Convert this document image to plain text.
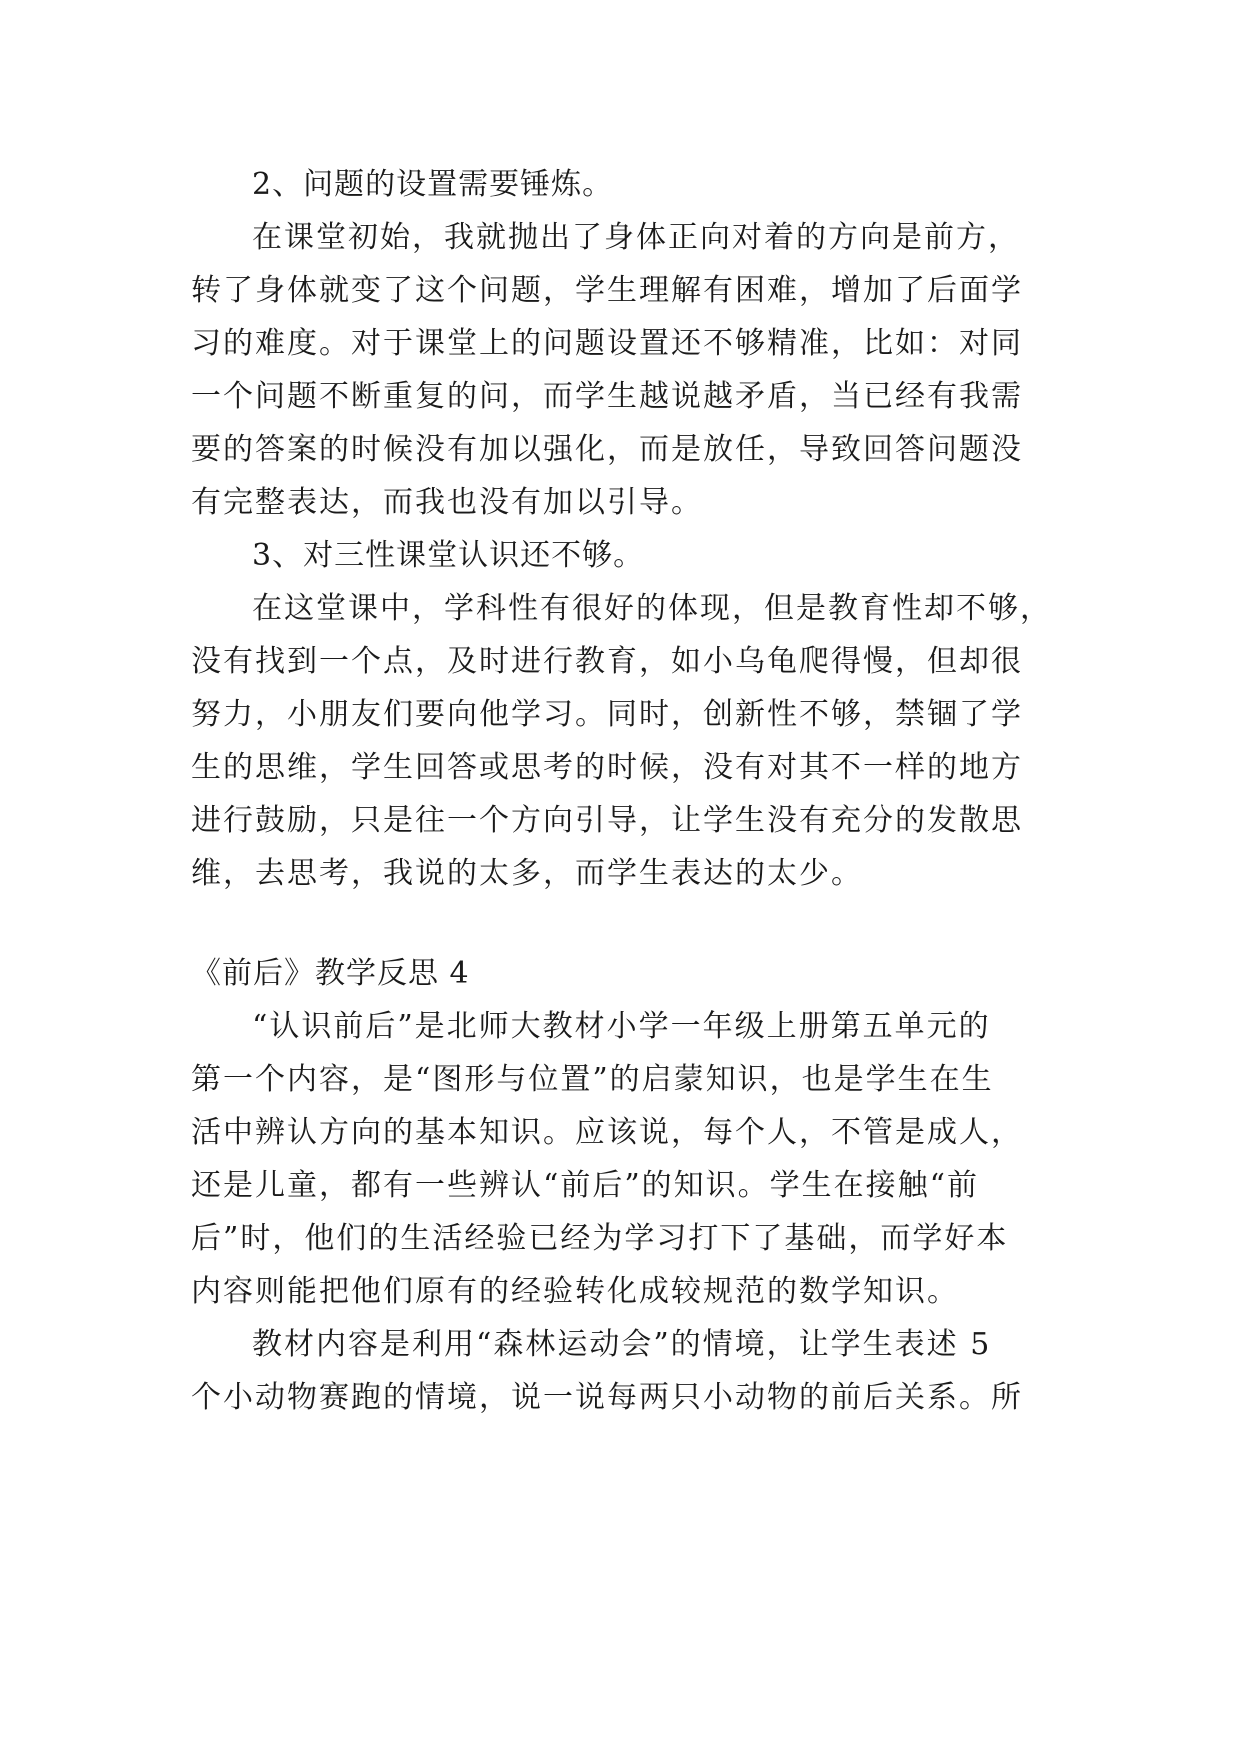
2、问题的设置需要锤炼。
在课堂初始，我就抛出了身体正向对着的方向是前方，
转了身体就变了这个问题，学生理解有困难，增加了后面学
习的难度。对于课堂上的问题设置还不够精准，比如：对同
一个问题不断重复的问，而学生越说越矛盾，当已经有我需
要的答案的时候没有加以强化，而是放任，导致回答问题没
有完整表达，而我也没有加以引导。
3、对三性课堂认识还不够。
在这堂课中，学科性有很好的体现，但是教育性却不够，
没有找到一个点，及时进行教育，如小乌龟爬得慢，但却很
努力，小朋友们要向他学习。同时，创新性不够，禁锢了学
生的思维，学生回答或思考的时候，没有对其不一样的地方
进行鼓励，只是往一个方向引导，让学生没有充分的发散思
维，去思考，我说的太多，而学生表达的太少。
《前后》教学反思 4
“认识前后”是北师大教材小学一年级上册第五单元的
第一个内容，是“图形与位置”的启蒙知识，也是学生在生
活中辨认方向的基本知识。应该说，每个人，不管是成人，
还是儿童，都有一些辨认“前后”的知识。学生在接触“前
后”时，他们的生活经验已经为学习打下了基础，而学好本
内容则能把他们原有的经验转化成较规范的数学知识。
教材内容是利用“森林运动会”的情境，让学生表述 5
个小动物赛跑的情境，说一说每两只小动物的前后关系。所
